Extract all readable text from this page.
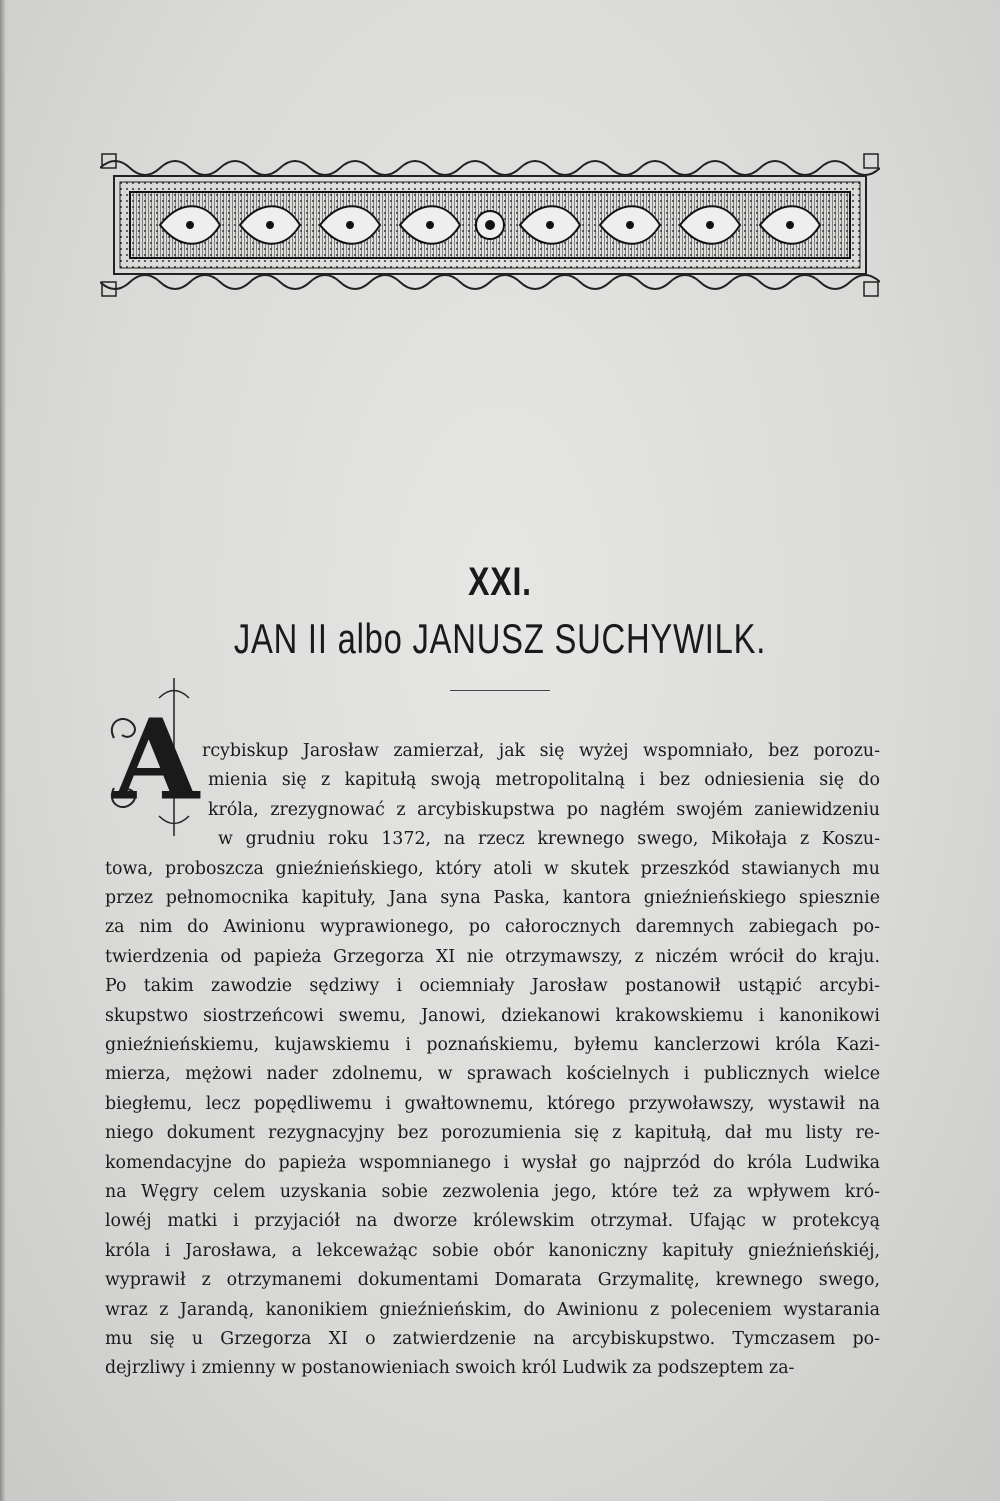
XXI.
JAN II albo JANUSZ SUCHYWILK.
A rcybiskup Jarosław zamierzał, jak się wyżej wspomniało, bez porozu-

mienia się z kapitułą swoją metropolitalną i bez odniesienia się do

króla, zrezygnować z arcybiskupstwa po nagłém swojém zaniewidzeniu

w grudniu roku 1372, na rzecz krewnego swego, Mikołaja z Koszu-

towa, proboszcza gnieźnieńskiego, który atoli w skutek przeszkód stawianych mu

przez pełnomocnika kapituły, Jana syna Paska, kantora gnieźnieńskiego spiesznie

za nim do Awinionu wyprawionego, po całorocznych daremnych zabiegach po-

twierdzenia od papieża Grzegorza XI nie otrzymawszy, z niczém wrócił do kraju.

Po takim zawodzie sędziwy i ociemniały Jarosław postanowił ustąpić arcybi-

skupstwo siostrzeńcowi swemu, Janowi, dziekanowi krakowskiemu i kanonikowi

gnieźnieńskiemu, kujawskiemu i poznańskiemu, byłemu kanclerzowi króla Kazi-

mierza, mężowi nader zdolnemu, w sprawach kościelnych i publicznych wielce

biegłemu, lecz popędliwemu i gwałtownemu, którego przywoławszy, wystawił na

niego dokument rezygnacyjny bez porozumienia się z kapitułą, dał mu listy re-

komendacyjne do papieża wspomnianego i wysłał go najprzód do króla Ludwika

na Węgry celem uzyskania sobie zezwolenia jego, które też za wpływem kró-

lowéj matki i przyjaciół na dworze królewskim otrzymał. Ufając w protekcyą

króla i Jarosława, a lekceważąc sobie obór kanoniczny kapituły gnieźnieńskiéj,

wyprawił z otrzymanemi dokumentami Domarata Grzymalitę, krewnego swego,

wraz z Jarandą, kanonikiem gnieźnieńskim, do Awinionu z poleceniem wystarania

mu się u Grzegorza XI o zatwierdzenie na arcybiskupstwo. Tymczasem po-

dejrzliwy i zmienny w postanowieniach swoich król Ludwik za podszeptem za-
